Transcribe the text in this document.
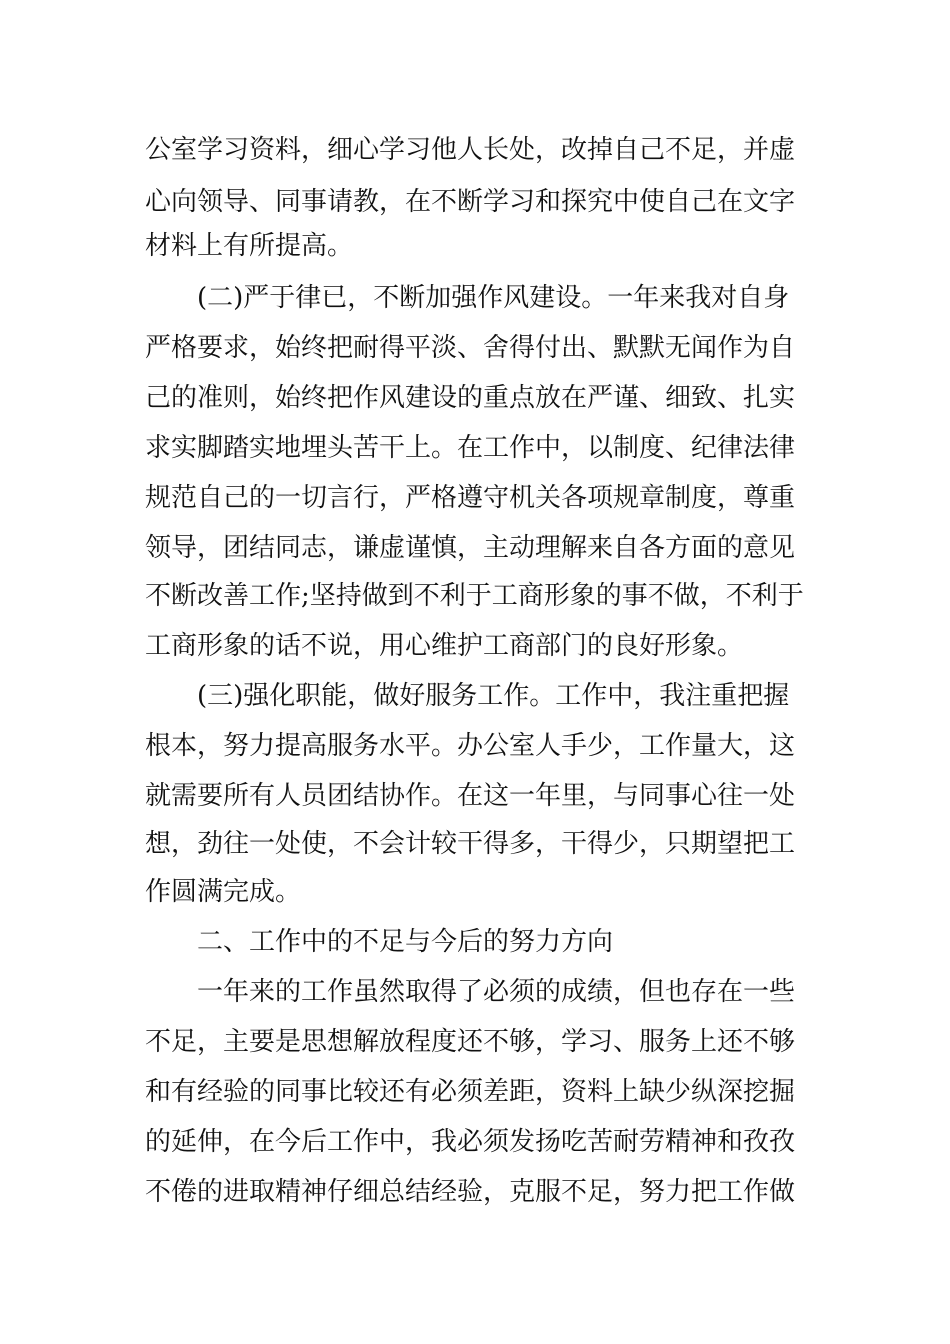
公室学习资料，细心学习他人长处，改掉自己不足，并虚
心向领导、同事请教，在不断学习和探究中使自己在文字
材料上有所提高。
(二)严于律已，不断加强作风建设。一年来我对自身
严格要求，始终把耐得平淡、舍得付出、默默无闻作为自
己的准则，始终把作风建设的重点放在严谨、细致、扎实
求实脚踏实地埋头苦干上。在工作中，以制度、纪律法律
规范自己的一切言行，严格遵守机关各项规章制度，尊重
领导，团结同志，谦虚谨慎，主动理解来自各方面的意见
不断改善工作;坚持做到不利于工商形象的事不做，不利于
工商形象的话不说，用心维护工商部门的良好形象。
(三)强化职能，做好服务工作。工作中，我注重把握
根本，努力提高服务水平。办公室人手少，工作量大，这
就需要所有人员团结协作。在这一年里，与同事心往一处
想，劲往一处使，不会计较干得多，干得少，只期望把工
作圆满完成。
二、工作中的不足与今后的努力方向
一年来的工作虽然取得了必须的成绩，但也存在一些
不足，主要是思想解放程度还不够，学习、服务上还不够
和有经验的同事比较还有必须差距，资料上缺少纵深挖掘
的延伸，在今后工作中，我必须发扬吃苦耐劳精神和孜孜
不倦的进取精神仔细总结经验，克服不足，努力把工作做
